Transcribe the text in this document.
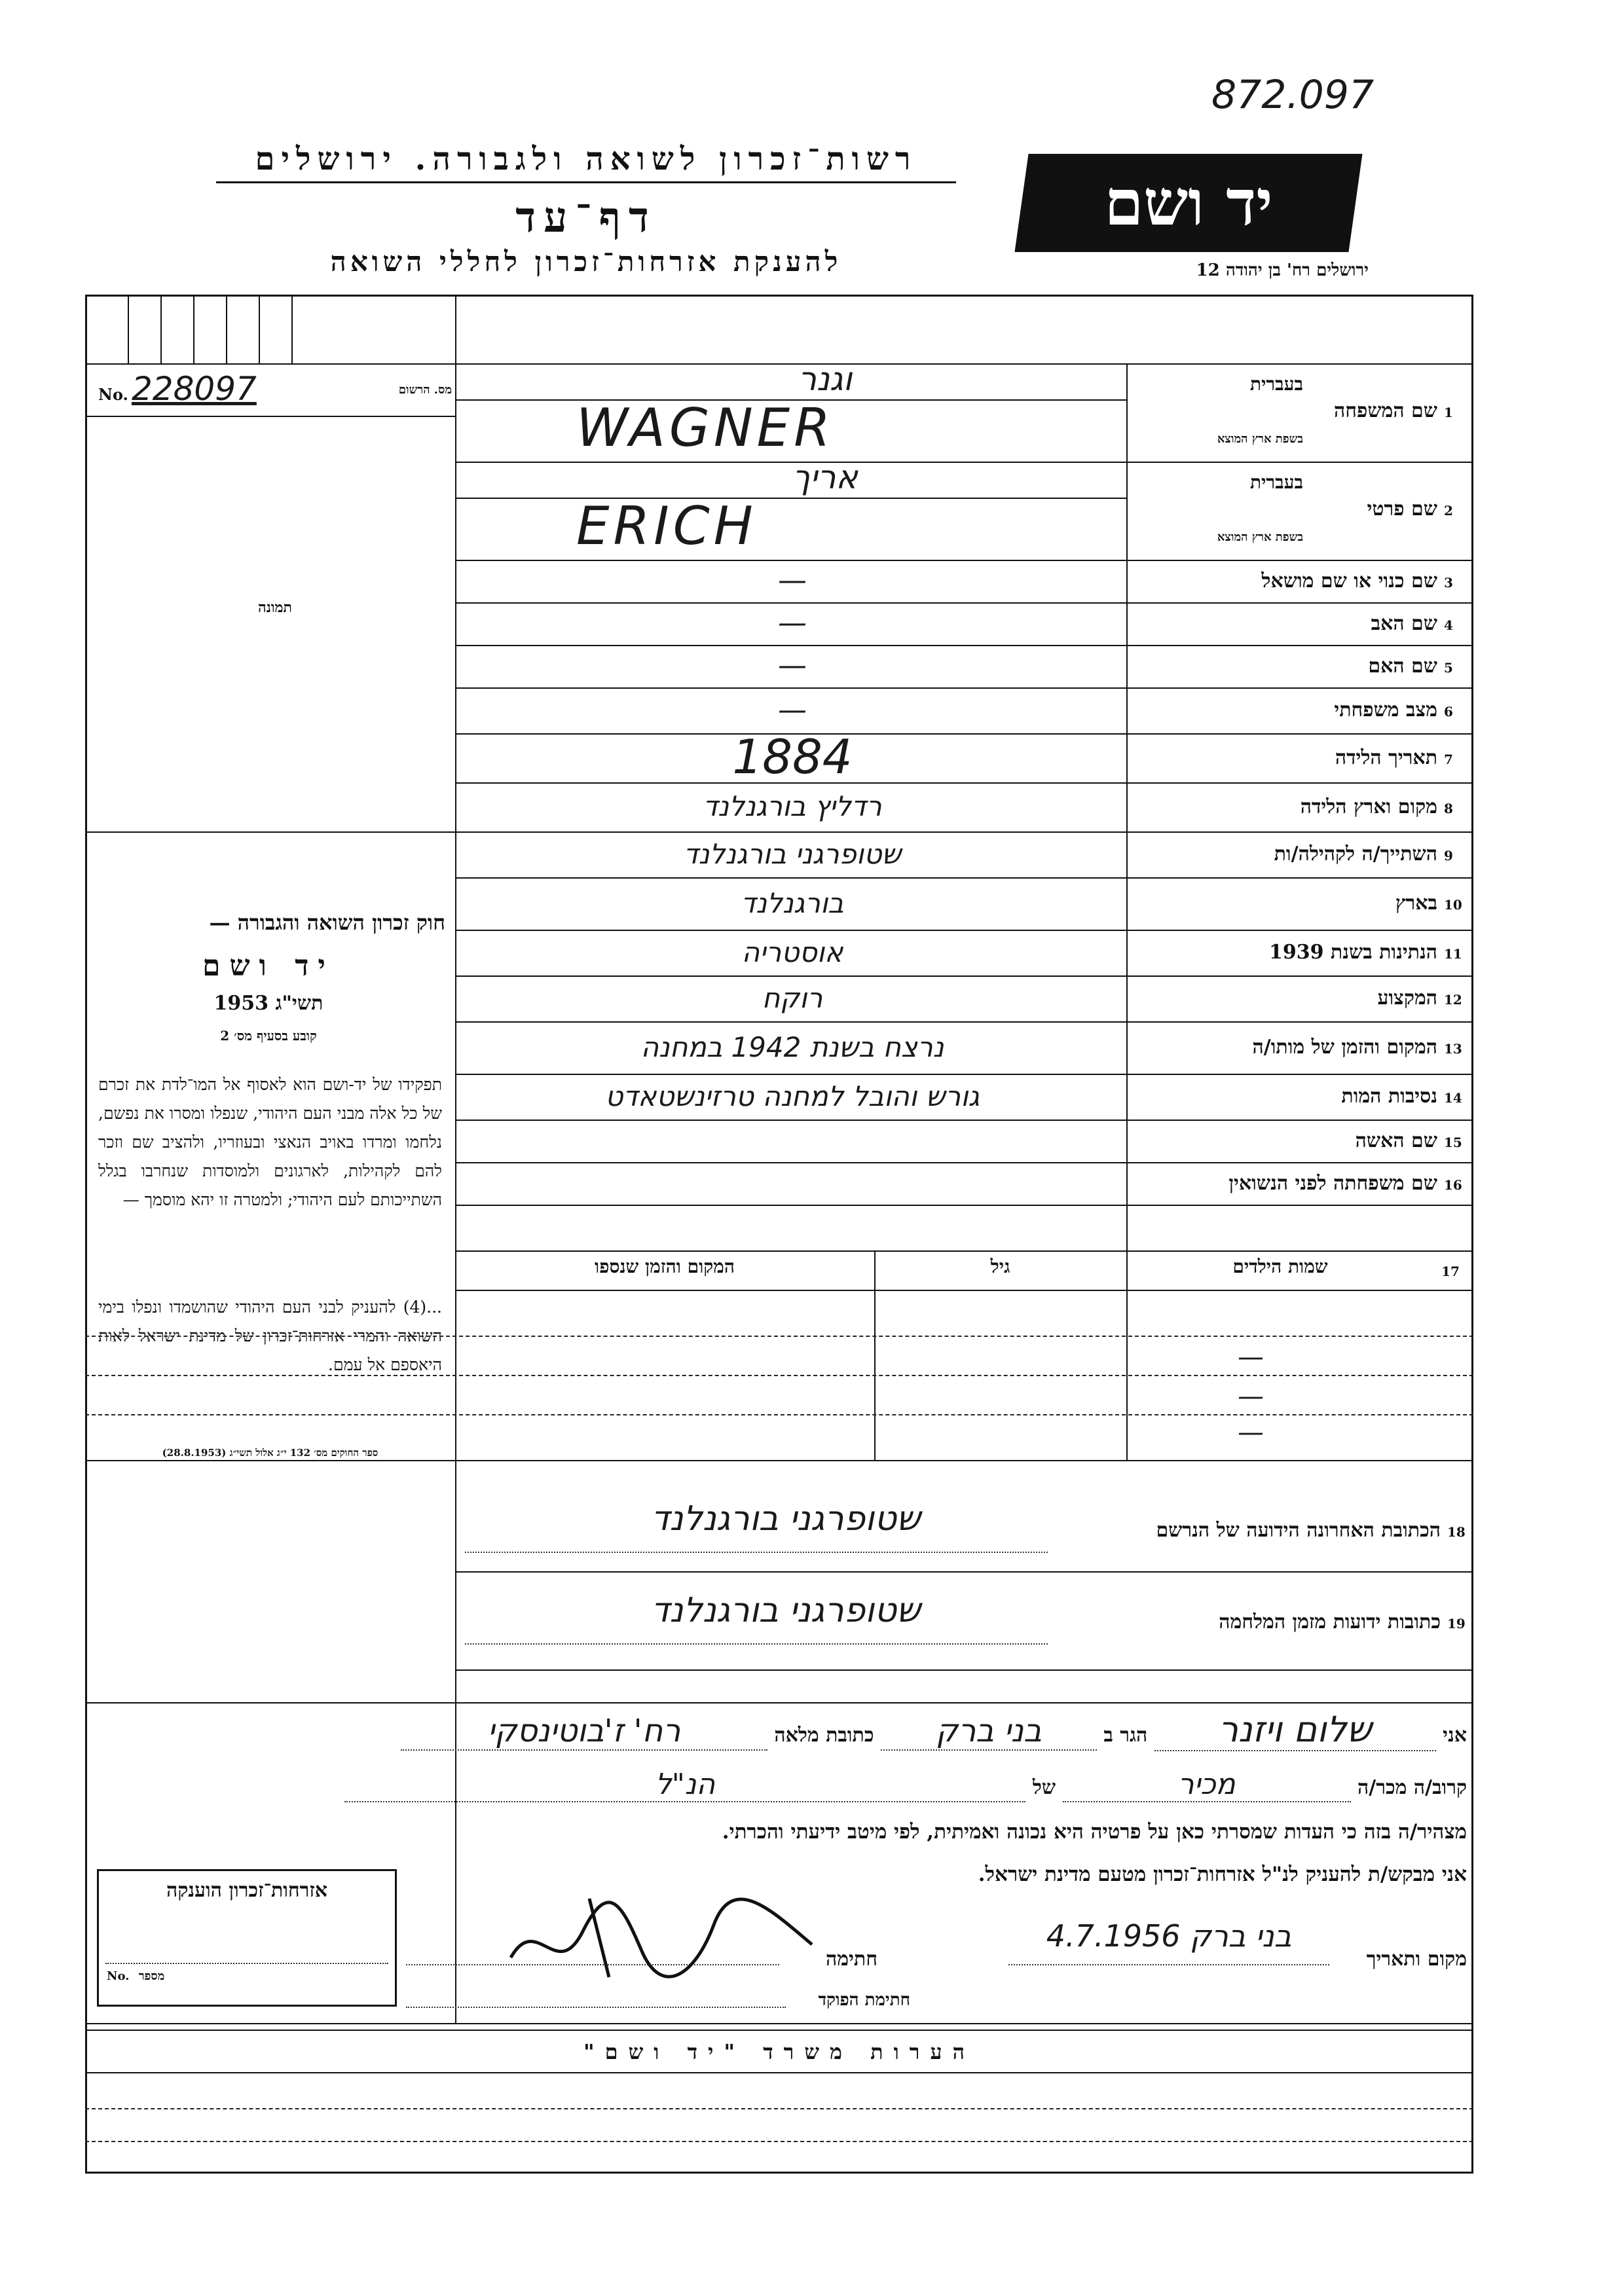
872.097
יד ושם
ירושלים רח' בן יהודה 12
רשות־זכרון לשואה ולגבורה. ירושלים
דף־עד
להענקת אזרחות־זכרון לחללי השואה
No. 228097	מס. הרשום
תמונה
חוק זכרון השואה והגבורה —
יד ושם
תשי"ג 1953
קובע בסעיף מס׳ 2
תפקידו של יד-ושם הוא לאסוף אל המו־לדת את זכרם של כל אלה מבני העם היהודי, שנפלו ומסרו את נפשם, נלחמו ומרדו באויב הנאצי ובעוזריו, ולהציב שם וזכר להם לקהילות, לארגונים ולמוסדות שנחרבו בגלל השתייכותם לעם היהודי; ולמטרה זו יהא מוסמך —
...(4) להעניק לבני העם היהודי שהושמדו ונפלו בימי השואה והמרי אזרחות־זכרון של מדינת ישראל לאות היאספם אל עמם.
ספר החוקים מס׳ 132 י״ג אלול תשי״ג (28.8.1953)
1
שם המשפחה
בעברית
בשפת ארץ המוצא
וגנר
WAGNER
2
שם פרטי
בעברית
בשפת ארץ המוצא
אריך
ERICH
3
שם כנוי או שם מושאל
—
4
שם האב
—
5
שם האם
—
6
מצב משפחתי
—
7
תאריך הלידה
1884
8
מקום וארץ הלידה
רדליץ בורגנלנד
9
השתייך/ה לקהילה/ות
שטופרגני בורגנלנד
10
בארץ
בורגנלנד
11
הנתינות בשנת 1939
אוסטריה
12
המקצוע
רוקח
13
המקום והזמן של מותו/ה
נרצח בשנת 1942 במחנה
14
נסיבות המות
גורש והובל למחנה טרזינשטאדט
15
שם האשה
16
שם משפחתה לפני הנשואין
17
שמות הילדים
גיל
המקום והזמן שנספו
—
—
—
הכתובת האחרונה הידועה של הנרשם 18
שטופרגני בורגנלנד
כתובות ידועות מזמן המלחמה 19
שטופרגני בורגנלנד
אני שלום ויזנר הגר ב בני ברק כתובת מלאה רח' ז'בוטינסקי
קרוב/ה מכר/ה מכיר של הנ"ל
מצהיר/ה בזה כי העדות שמסרתי כאן על פרטיה היא נכונה ואמיתית, לפי מיטב ידיעתי והכרתי.
אני מבקש/ת להעניק לנ"ל אזרחות־זכרון מטעם מדינת ישראל.
אזרחות־זכרון הוענקה
No. מספר
מקום ותאריך
בני ברק 4.7.1956
חתימה
חתימת הפוקד
הערות משרד "יד ושם"
